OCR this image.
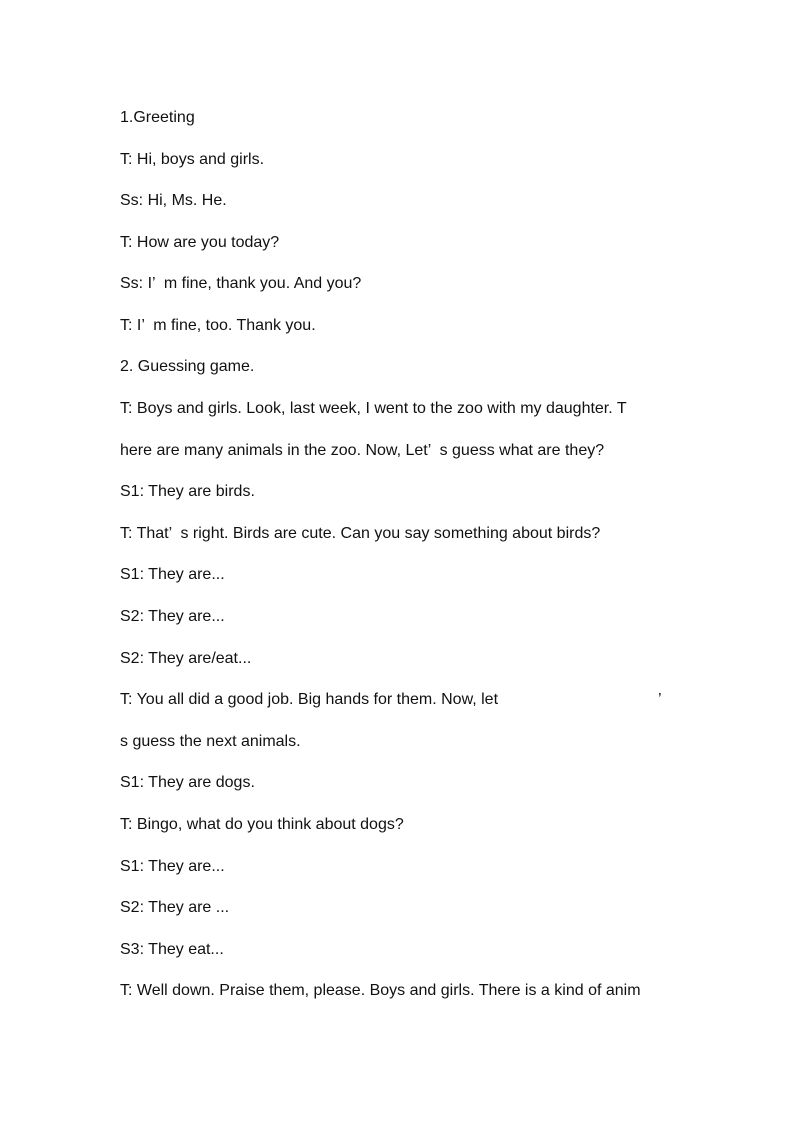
1.Greeting
T: Hi, boys and girls.
Ss: Hi, Ms. He.
T: How are you today?
Ss: I’  m fine, thank you. And you?
T: I’  m fine, too. Thank you.
2. Guessing game.
T: Boys and girls. Look, last week, I went to the zoo with my daughter. T
here are many animals in the zoo. Now, Let’  s guess what are they?
S1: They are birds.
T: That’  s right. Birds are cute. Can you say something about birds?
S1: They are...
S2: They are...
S2: They are/eat...
T: You all did a good job. Big hands for them. Now, let	’
s guess the next animals.
S1: They are dogs.
T: Bingo, what do you think about dogs?
S1: They are...
S2: They are ...
S3: They eat...
T: Well down. Praise them, please. Boys and girls. There is a kind of anim
